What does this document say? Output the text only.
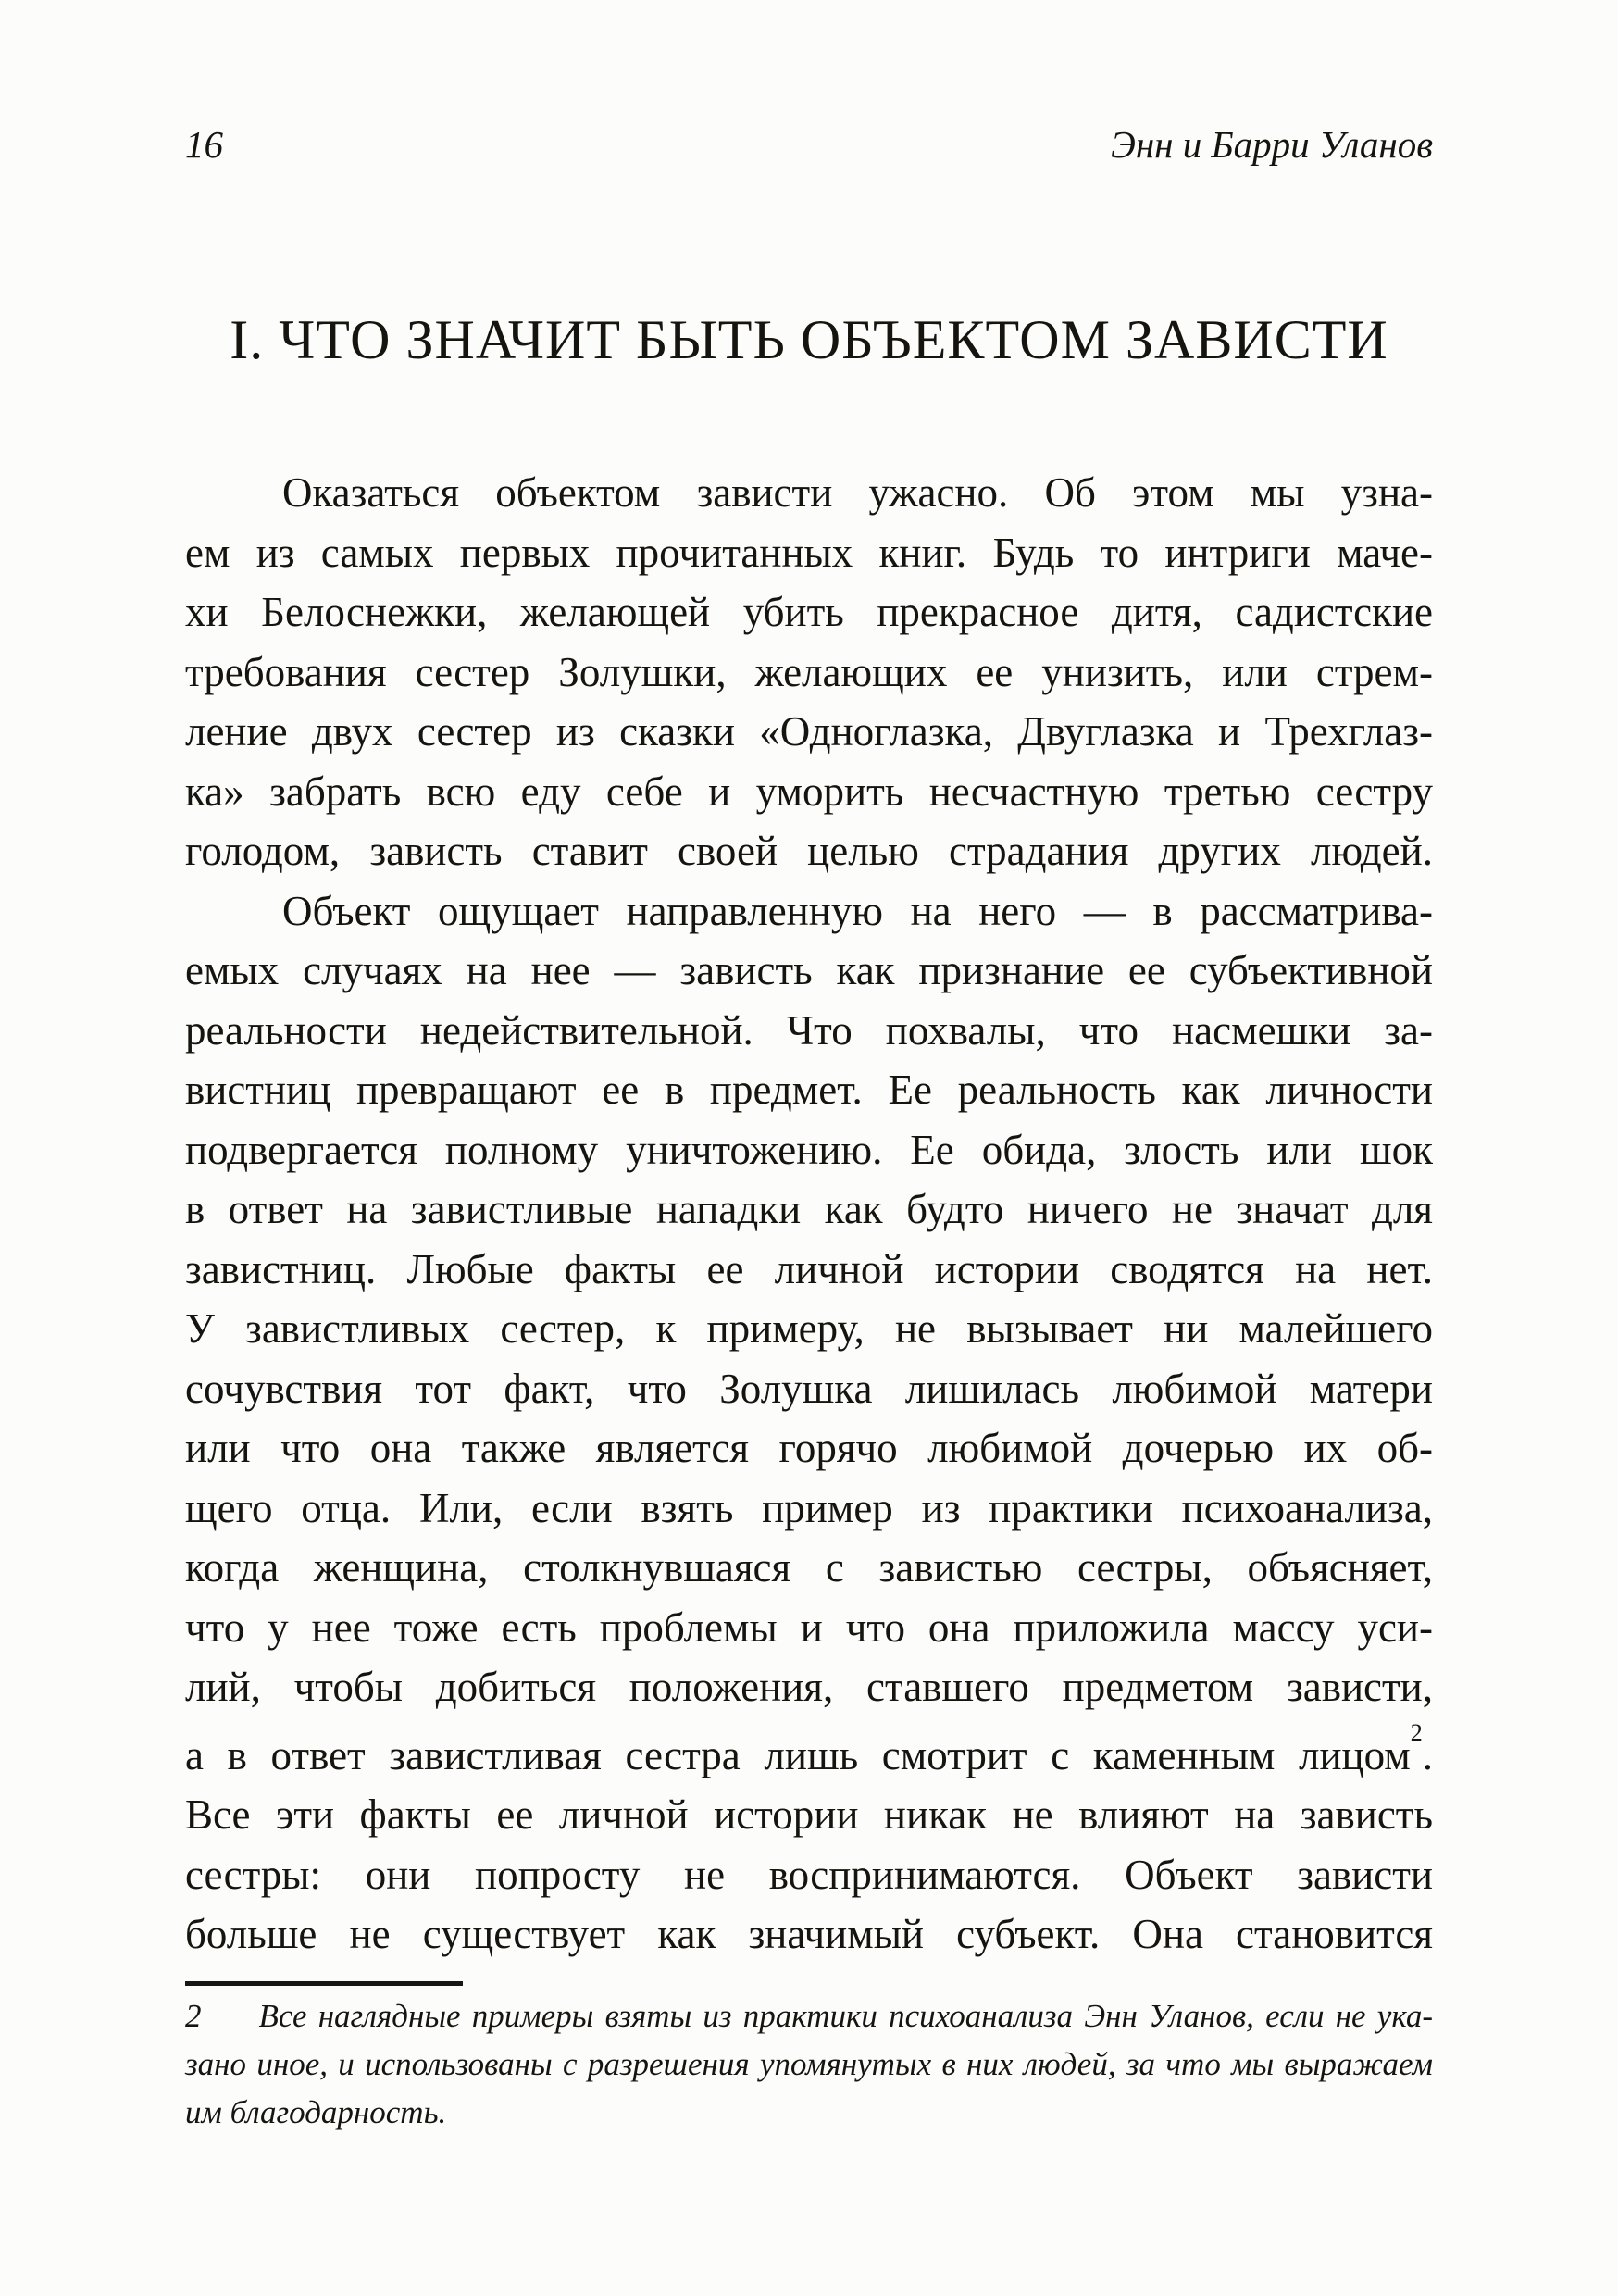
16	Энн и Барри Уланов
I. ЧТО ЗНАЧИТ БЫТЬ ОБЪЕКТОМ ЗАВИСТИ
Оказаться объектом зависти ужасно. Об этом мы узна-
ем из самых первых прочитанных книг. Будь то интриги маче-
хи Белоснежки, желающей убить прекрасное дитя, садистские
требования сестер Золушки, желающих ее унизить, или стрем-
ление двух сестер из сказки «Одноглазка, Двуглазка и Трехглаз-
ка» забрать всю еду себе и уморить несчастную третью сестру
голодом, зависть ставит своей целью страдания других людей.
Объект ощущает направленную на него — в рассматрива-
емых случаях на нее — зависть как признание ее субъективной
реальности недействительной. Что похвалы, что насмешки за-
вистниц превращают ее в предмет. Ее реальность как личности
подвергается полному уничтожению. Ее обида, злость или шок
в ответ на завистливые нападки как будто ничего не значат для
завистниц. Любые факты ее личной истории сводятся на нет.
У завистливых сестер, к примеру, не вызывает ни малейшего
сочувствия тот факт, что Золушка лишилась любимой матери
или что она также является горячо любимой дочерью их об-
щего отца. Или, если взять пример из практики психоанализа,
когда женщина, столкнувшаяся с завистью сестры, объясняет,
что у нее тоже есть проблемы и что она приложила массу уси-
лий, чтобы добиться положения, ставшего предметом зависти,
а в ответ завистливая сестра лишь смотрит с каменным лицом$^2$.
Все эти факты ее личной истории никак не влияют на зависть
сестры: они попросту не воспринимаются. Объект зависти
больше не существует как значимый субъект. Она становится
2 Все наглядные примеры взяты из практики психоанализа Энн Уланов, если не ука-
зано иное, и использованы с разрешения упомянутых в них людей, за что мы выражаем
им благодарность.
